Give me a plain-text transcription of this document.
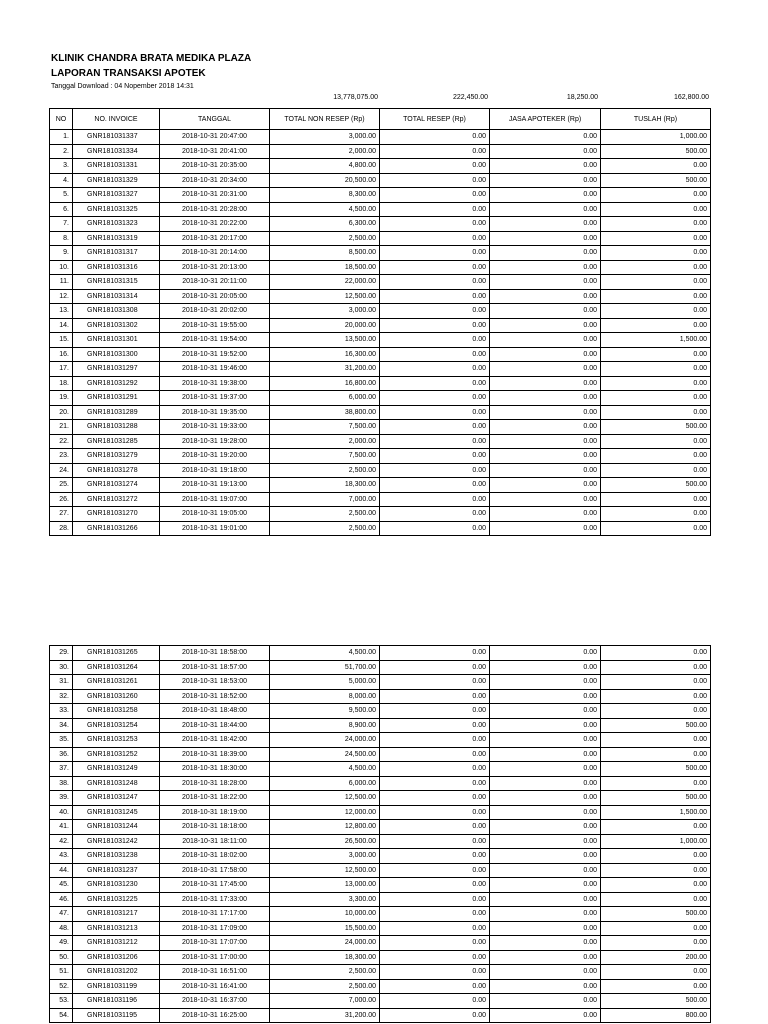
KLINIK CHANDRA BRATA MEDIKA PLAZA
LAPORAN TRANSAKSI APOTEK
Tanggal Download : 04 Nopember 2018 14:31
13,778,075.00	222,450.00	18,250.00	162,800.00
NO	NO. INVOICE	TANGGAL	TOTAL NON RESEP (Rp)	TOTAL RESEP (Rp)	JASA APOTEKER (Rp)	TUSLAH (Rp)
1.	GNR181031337	2018-10-31 20:47:00	3,000.00	0.00	0.00	1,000.00
2.	GNR181031334	2018-10-31 20:41:00	2,000.00	0.00	0.00	500.00
3.	GNR181031331	2018-10-31 20:35:00	4,800.00	0.00	0.00	0.00
4.	GNR181031329	2018-10-31 20:34:00	20,500.00	0.00	0.00	500.00
5.	GNR181031327	2018-10-31 20:31:00	8,300.00	0.00	0.00	0.00
6.	GNR181031325	2018-10-31 20:28:00	4,500.00	0.00	0.00	0.00
7.	GNR181031323	2018-10-31 20:22:00	6,300.00	0.00	0.00	0.00
8.	GNR181031319	2018-10-31 20:17:00	2,500.00	0.00	0.00	0.00
9.	GNR181031317	2018-10-31 20:14:00	8,500.00	0.00	0.00	0.00
10.	GNR181031316	2018-10-31 20:13:00	18,500.00	0.00	0.00	0.00
11.	GNR181031315	2018-10-31 20:11:00	22,000.00	0.00	0.00	0.00
12.	GNR181031314	2018-10-31 20:05:00	12,500.00	0.00	0.00	0.00
13.	GNR181031308	2018-10-31 20:02:00	3,000.00	0.00	0.00	0.00
14.	GNR181031302	2018-10-31 19:55:00	20,000.00	0.00	0.00	0.00
15.	GNR181031301	2018-10-31 19:54:00	13,500.00	0.00	0.00	1,500.00
16.	GNR181031300	2018-10-31 19:52:00	16,300.00	0.00	0.00	0.00
17.	GNR181031297	2018-10-31 19:46:00	31,200.00	0.00	0.00	0.00
18.	GNR181031292	2018-10-31 19:38:00	16,800.00	0.00	0.00	0.00
19.	GNR181031291	2018-10-31 19:37:00	6,000.00	0.00	0.00	0.00
20.	GNR181031289	2018-10-31 19:35:00	38,800.00	0.00	0.00	0.00
21.	GNR181031288	2018-10-31 19:33:00	7,500.00	0.00	0.00	500.00
22.	GNR181031285	2018-10-31 19:28:00	2,000.00	0.00	0.00	0.00
23.	GNR181031279	2018-10-31 19:20:00	7,500.00	0.00	0.00	0.00
24.	GNR181031278	2018-10-31 19:18:00	2,500.00	0.00	0.00	0.00
25.	GNR181031274	2018-10-31 19:13:00	18,300.00	0.00	0.00	500.00
26.	GNR181031272	2018-10-31 19:07:00	7,000.00	0.00	0.00	0.00
27.	GNR181031270	2018-10-31 19:05:00	2,500.00	0.00	0.00	0.00
28.	GNR181031266	2018-10-31 19:01:00	2,500.00	0.00	0.00	0.00
29.	GNR181031265	2018-10-31 18:58:00	4,500.00	0.00	0.00	0.00
30.	GNR181031264	2018-10-31 18:57:00	51,700.00	0.00	0.00	0.00
31.	GNR181031261	2018-10-31 18:53:00	5,000.00	0.00	0.00	0.00
32.	GNR181031260	2018-10-31 18:52:00	8,000.00	0.00	0.00	0.00
33.	GNR181031258	2018-10-31 18:48:00	9,500.00	0.00	0.00	0.00
34.	GNR181031254	2018-10-31 18:44:00	8,900.00	0.00	0.00	500.00
35.	GNR181031253	2018-10-31 18:42:00	24,000.00	0.00	0.00	0.00
36.	GNR181031252	2018-10-31 18:39:00	24,500.00	0.00	0.00	0.00
37.	GNR181031249	2018-10-31 18:30:00	4,500.00	0.00	0.00	500.00
38.	GNR181031248	2018-10-31 18:28:00	6,000.00	0.00	0.00	0.00
39.	GNR181031247	2018-10-31 18:22:00	12,500.00	0.00	0.00	500.00
40.	GNR181031245	2018-10-31 18:19:00	12,000.00	0.00	0.00	1,500.00
41.	GNR181031244	2018-10-31 18:18:00	12,800.00	0.00	0.00	0.00
42.	GNR181031242	2018-10-31 18:11:00	26,500.00	0.00	0.00	1,000.00
43.	GNR181031238	2018-10-31 18:02:00	3,000.00	0.00	0.00	0.00
44.	GNR181031237	2018-10-31 17:58:00	12,500.00	0.00	0.00	0.00
45.	GNR181031230	2018-10-31 17:45:00	13,000.00	0.00	0.00	0.00
46.	GNR181031225	2018-10-31 17:33:00	3,300.00	0.00	0.00	0.00
47.	GNR181031217	2018-10-31 17:17:00	10,000.00	0.00	0.00	500.00
48.	GNR181031213	2018-10-31 17:09:00	15,500.00	0.00	0.00	0.00
49.	GNR181031212	2018-10-31 17:07:00	24,000.00	0.00	0.00	0.00
50.	GNR181031206	2018-10-31 17:00:00	18,300.00	0.00	0.00	200.00
51.	GNR181031202	2018-10-31 16:51:00	2,500.00	0.00	0.00	0.00
52.	GNR181031199	2018-10-31 16:41:00	2,500.00	0.00	0.00	0.00
53.	GNR181031196	2018-10-31 16:37:00	7,000.00	0.00	0.00	500.00
54.	GNR181031195	2018-10-31 16:25:00	31,200.00	0.00	0.00	800.00
